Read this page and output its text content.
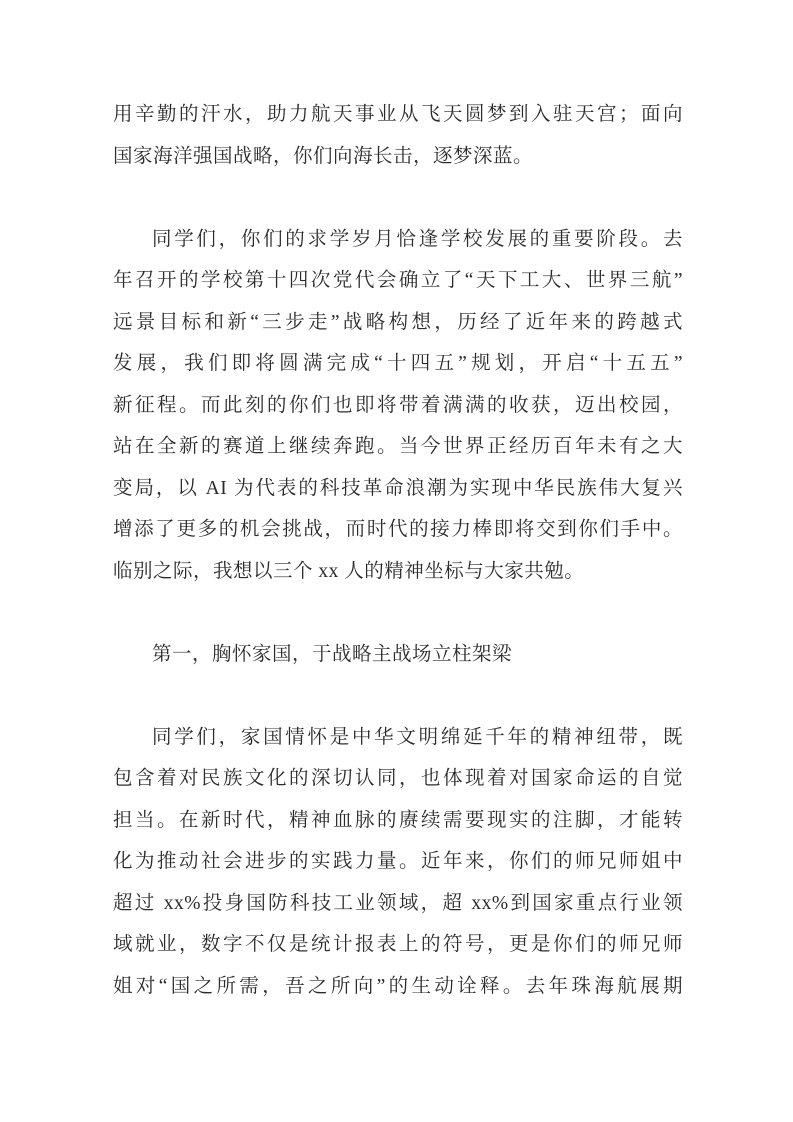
用辛勤的汗水，助力航天事业从飞天圆梦到入驻天宫；面向
国家海洋强国战略，你们向海长击，逐梦深蓝。
同学们，你们的求学岁月恰逢学校发展的重要阶段。去
年召开的学校第十四次党代会确立了“天下工大、世界三航”
远景目标和新“三步走”战略构想，历经了近年来的跨越式
发展，我们即将圆满完成“十四五”规划，开启“十五五”
新征程。而此刻的你们也即将带着满满的收获，迈出校园，
站在全新的赛道上继续奔跑。当今世界正经历百年未有之大
变局，以 AI 为代表的科技革命浪潮为实现中华民族伟大复兴
增添了更多的机会挑战，而时代的接力棒即将交到你们手中。
临别之际，我想以三个 xx 人的精神坐标与大家共勉。
第一，胸怀家国，于战略主战场立柱架梁
同学们，家国情怀是中华文明绵延千年的精神纽带，既
包含着对民族文化的深切认同，也体现着对国家命运的自觉
担当。在新时代，精神血脉的赓续需要现实的注脚，才能转
化为推动社会进步的实践力量。近年来，你们的师兄师姐中
超过 xx%投身国防科技工业领域，超 xx%到国家重点行业领
域就业，数字不仅是统计报表上的符号，更是你们的师兄师
姐对“国之所需，吾之所向”的生动诠释。去年珠海航展期
